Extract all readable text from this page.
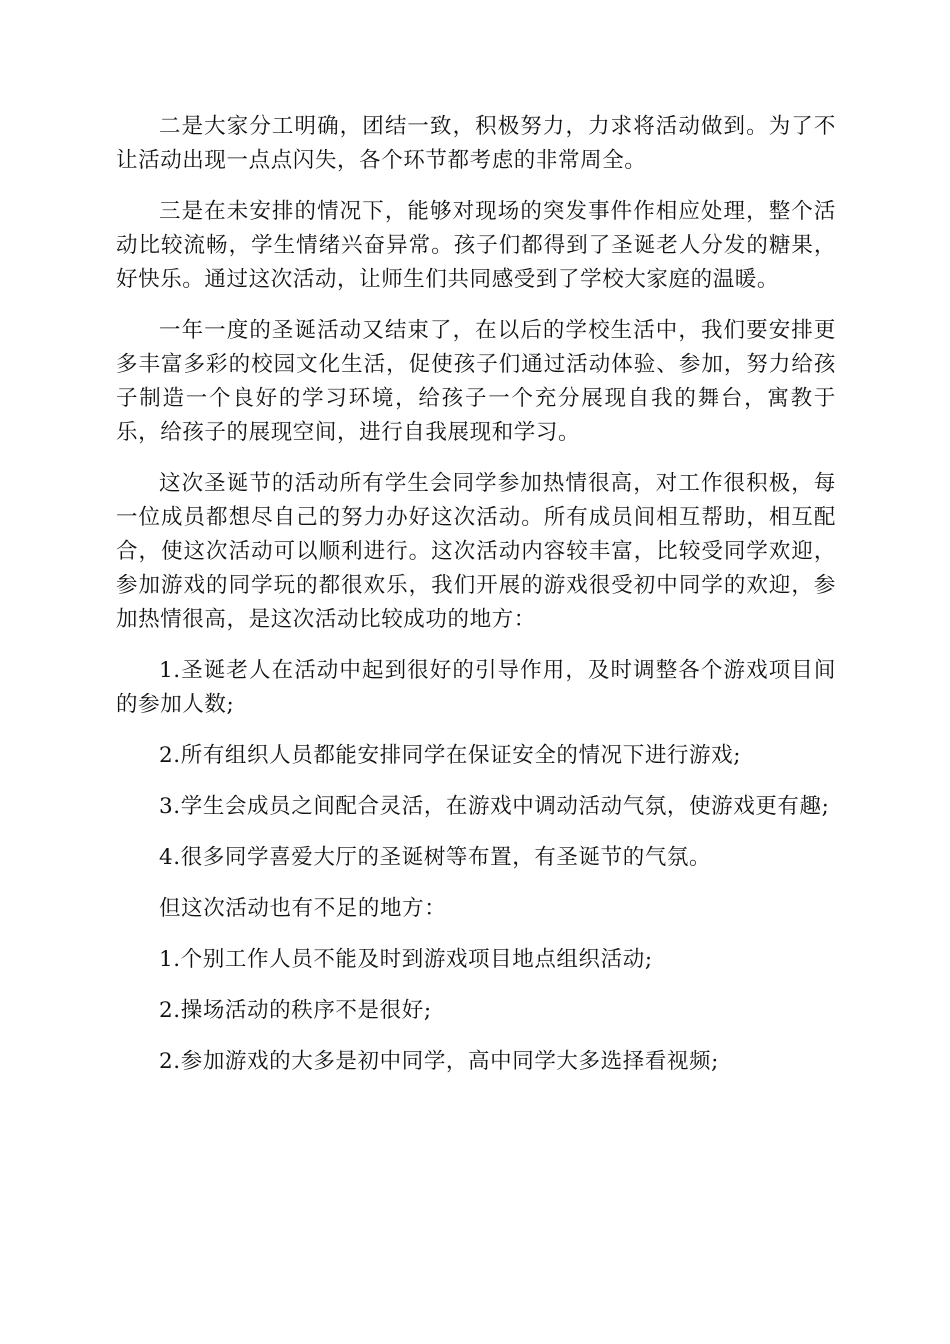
二是大家分工明确，团结一致，积极努力，力求将活动做到。为了不让活动出现一点点闪失，各个环节都考虑的非常周全。

三是在未安排的情况下，能够对现场的突发事件作相应处理，整个活动比较流畅，学生情绪兴奋异常。孩子们都得到了圣诞老人分发的糖果，好快乐。通过这次活动，让师生们共同感受到了学校大家庭的温暖。

一年一度的圣诞活动又结束了，在以后的学校生活中，我们要安排更多丰富多彩的校园文化生活，促使孩子们通过活动体验、参加，努力给孩子制造一个良好的学习环境，给孩子一个充分展现自我的舞台，寓教于乐，给孩子的展现空间，进行自我展现和学习。

这次圣诞节的活动所有学生会同学参加热情很高，对工作很积极，每一位成员都想尽自己的努力办好这次活动。所有成员间相互帮助，相互配合，使这次活动可以顺利进行。这次活动内容较丰富，比较受同学欢迎，参加游戏的同学玩的都很欢乐，我们开展的游戏很受初中同学的欢迎，参加热情很高，是这次活动比较成功的地方：

1.圣诞老人在活动中起到很好的引导作用，及时调整各个游戏项目间的参加人数;

2.所有组织人员都能安排同学在保证安全的情况下进行游戏;

3.学生会成员之间配合灵活，在游戏中调动活动气氛，使游戏更有趣;

4.很多同学喜爱大厅的圣诞树等布置，有圣诞节的气氛。

但这次活动也有不足的地方：

1.个别工作人员不能及时到游戏项目地点组织活动;

2.操场活动的秩序不是很好;

2.参加游戏的大多是初中同学，高中同学大多选择看视频;
